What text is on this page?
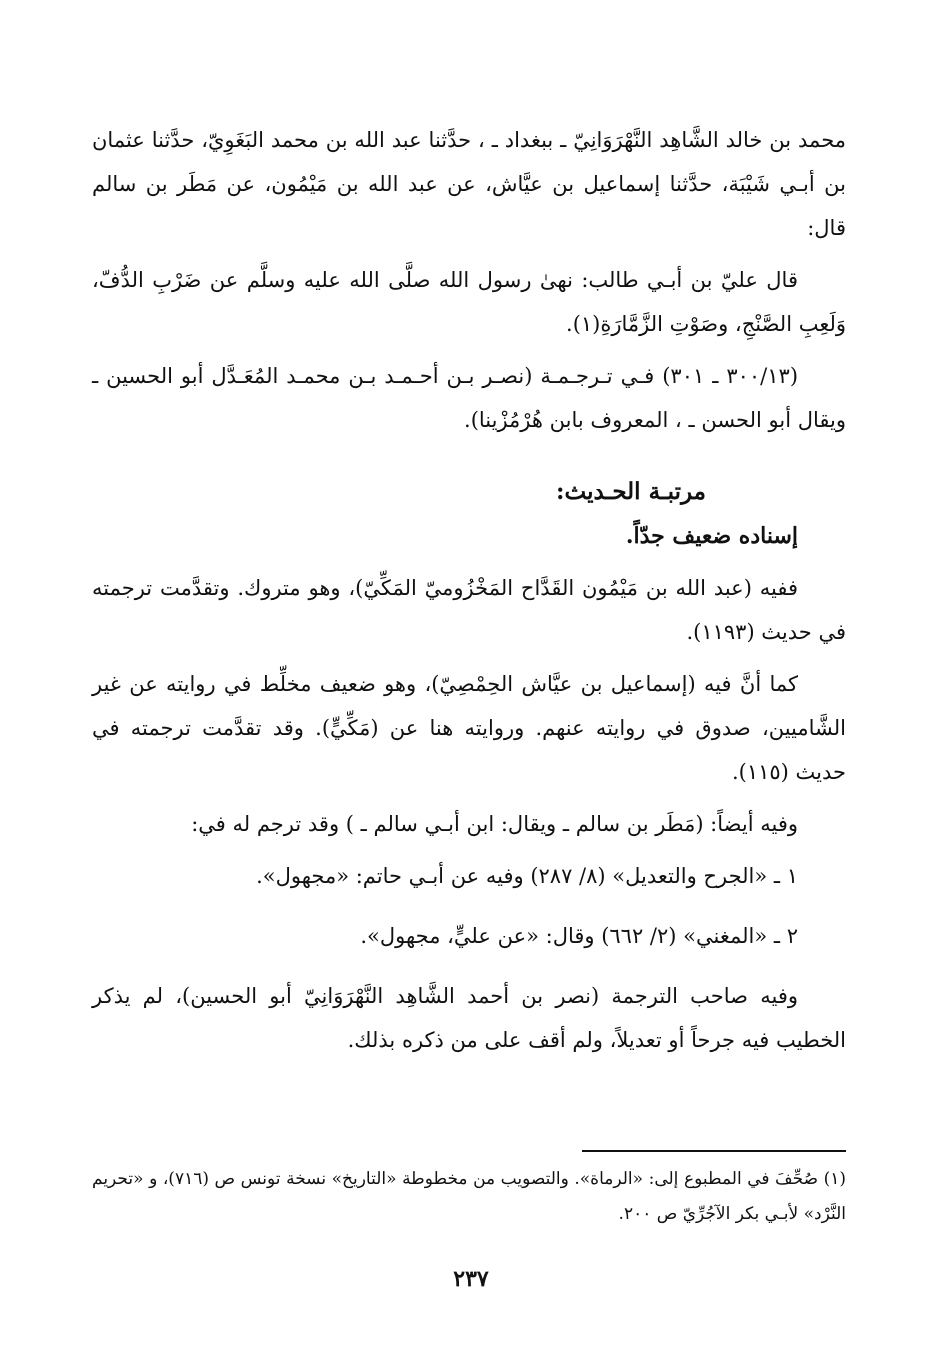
محمد بن خالد الشَّاهِد النَّهْرَوَانِيّ ـ ببغداد ـ ، حدَّثنا عبد الله بن محمد البَغَوِيّ، حدَّثنا عثمان بن أبـي شَيْبَة، حدَّثنا إسماعيل بن عيَّاش، عن عبد الله بن مَيْمُون، عن مَطَر بن سالم قال:

قال عليّ بن أبـي طالب: نهىٰ رسول الله صلَّى الله عليه وسلَّم عن ضَرْبِ الدُّفّ، وَلَعِبِ الصَّنْجِ، وصَوْتِ الزَّمَّارَةِ(١).

(٣٠٠/١٣ ـ ٣٠١) فـي تـرجـمـة (نصـر بـن أحـمـد بـن محمـد المُعَـدَّل أبو الحسين ـ ويقال أبو الحسن ـ ، المعروف بابن هُرْمُزْينا).

مرتبـة الحـديث:
إسناده ضعيف جدّاً.

ففيه (عبد الله بن مَيْمُون القَدَّاح المَخْزُوميّ المَكِّيّ)، وهو متروك. وتقدَّمت ترجمته في حديث (١١٩٣).

كما أنَّ فيه (إسماعيل بن عيَّاش الحِمْصِيّ)، وهو ضعيف مخلِّط في روايته عن غير الشَّاميين، صدوق في روايته عنهم. وروايته هنا عن (مَكِّيٍّ). وقد تقدَّمت ترجمته في حديث (١١٥).

وفيه أيضاً: (مَطَر بن سالم ـ ويقال: ابن أبـي سالم ـ ) وقد ترجم له في:

١ ـ «الجرح والتعديل» (٨/ ٢٨٧) وفيه عن أبـي حاتم: «مجهول».
٢ ـ «المغني» (٢/ ٦٦٢) وقال: «عن عليٍّ، مجهول».

وفيه صاحب الترجمة (نصر بن أحمد الشَّاهِد النَّهْرَوَانِيّ أبو الحسين)، لم يذكر الخطيب فيه جرحاً أو تعديلاً، ولم أقف على من ذكره بذلك.

(١) صُحِّفَ في المطبوع إلى: «الرماة». والتصويب من مخطوطة «التاريخ» نسخة تونس ص (٧١٦)، و «تحريم النَّرْد» لأبـي بكر الآجُرِّيّ ص ٢٠٠.
٢٣٧
